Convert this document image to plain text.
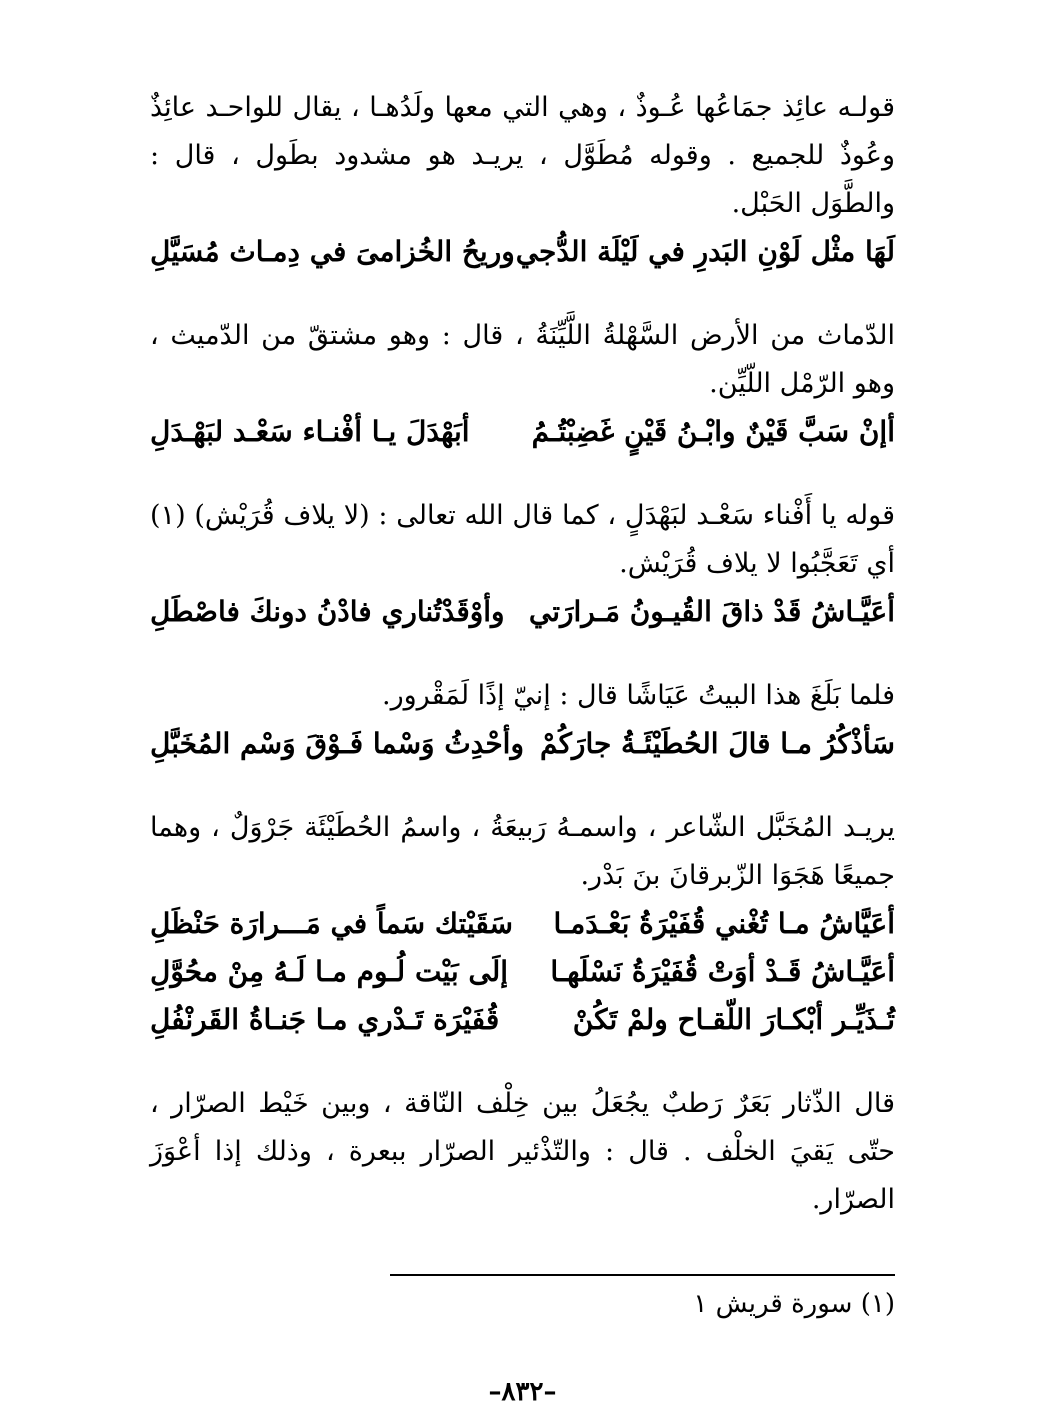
قولـه عائِذ جمَاعُها عُـوذٌ ، وهي التي معها ولَدُهـا ، يقال للواحـد عائِذٌ وعُوذٌ للجميع . وقوله مُطَوَّل ، يريـد هو مشدود بطَول ، قال : والطَّوَل الحَبْل.

لَهَا مثْل لَوْنِ البَدرِ في لَيْلَة الدُّجي
وريحُ الخُزامىَ في دِمـاث مُسَيَّلِ

الدّماث من الأرض السَّهْلةُ اللَّيِّنَةُ ، قال : وهو مشتقّ من الدّميث ، وهو الرّمْل اللّيِّن.

أإنْ سَبَّ قَيْنٌ وابْـنُ قَيْنٍ غَضِبْتُـمُ
أبَهْدَلَ يـا أفْنـاء سَعْـد لبَهْـدَلِ

قوله يا أَفْناء سَعْـد لبَهْدَلٍ ، كما قال الله تعالى : (لا يلاف قُرَيْش) (١) أي تَعَجَّبُوا لا يلاف قُرَيْش.

أعَيَّـاشُ قَدْ ذاقَ القُيـونُ مَـرارَتي
وأوْقَدْتُناري فادْنُ دونكَ فاصْطَلِ

فلما بَلَغَ هذا البيتُ عَيَاشًا قال : إنيّ إذًا لَمَقْرور.

سَأذْكُرُ مـا قالَ الحُطَيْئَـةُ جارَكُمْ
وأحْدِثُ وَسْما فَـوْقَ وَسْم المُخَبَّلِ

يريـد المُخَبَّل الشّاعر ، واسمـهُ رَبيعَةُ ، واسمُ الحُطَيْئَة جَرْوَلٌ ، وهما جميعًا هَجَوَا الزّبرقانَ بنَ بَدْر.

أعَيَّاشُ مـا تُغْني قُفَيْرَةُ بَعْـدَمـا
سَقَيْتك سَماً في مَـــرارَة حَنْظَلِ
أعَيَّـاشُ قَـدْ أوَتْ قُفَيْرَةُ نَسْلَهـا
إلَى بَيْت لُـوم مـا لَـهُ مِنْ محُوَّلِ
تُـذَيِّـر أبْكـارَ اللّقـاح ولمْ تَكُنْ
قُفَيْرَة تَـدْري مـا جَنـاةُ القَرنْفُلِ

قال الذّثار بَعَرٌ رَطبٌ يجُعَلُ بين خِلْف النّاقة ، وبين خَيْط الصرّار ، حتّى يَقيَ الخلْف . قال : والتّذْئير الصرّار ببعرة ، وذلك إذا أعْوَزَ الصرّار.

(١) سورة قريش ١
–٨٣٢–
